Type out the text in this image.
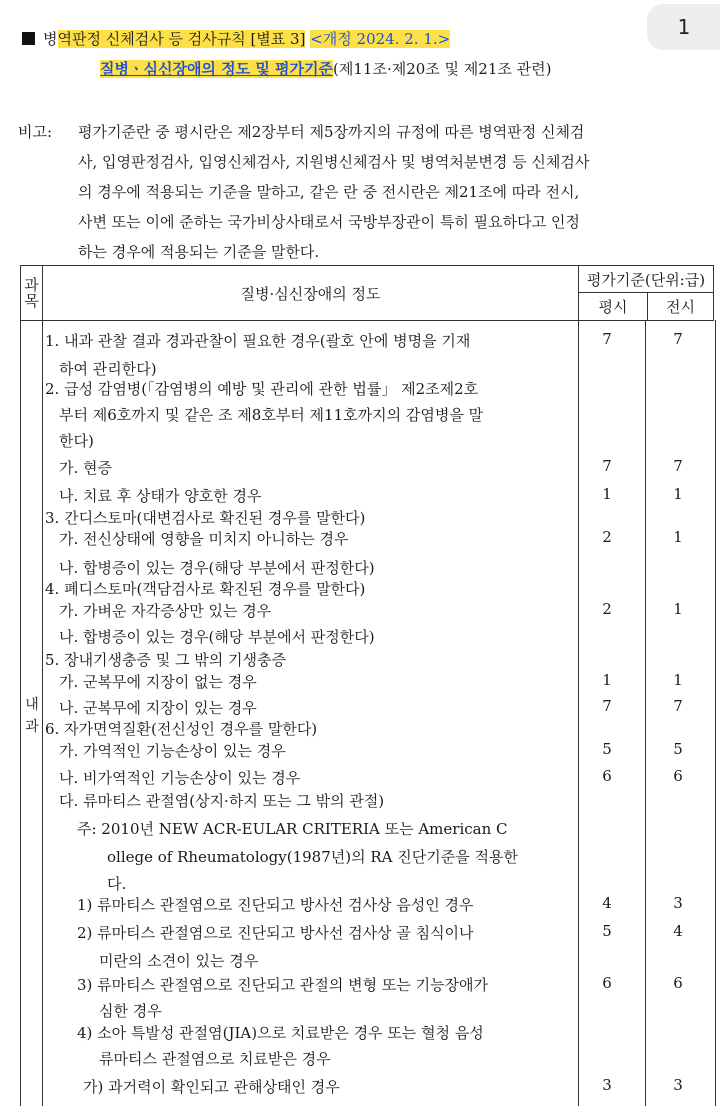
병역판정 신체검사 등 검사규칙 [별표 3] <개정 2024. 2. 1.>
질병ㆍ심신장애의 정도 및 평가기준(제11조·제20조 및 제21조 관련)
1
비고: 평가기준란 중 평시란은 제2장부터 제5장까지의 규정에 따른 병역판정 신체검
사, 입영판정검사, 입영신체검사, 지원병신체검사 및 병역처분변경 등 신체검사
의 경우에 적용되는 기준을 말하고, 같은 란 중 전시란은 제21조에 따라 전시,
사변 또는 이에 준하는 국가비상사태로서 국방부장관이 특히 필요하다고 인정
하는 경우에 적용되는 기준을 말한다.
과
목	질병·심신장애의 정도	평가기준(단위:급)	
		평시	전시
내
과
1. 내과 관찰 결과 경과관찰이 필요한 경우(괄호 안에 병명을 기재	7	7
하여 관리한다)
2. 급성 감염병(「감염병의 예방 및 관리에 관한 법률」 제2조제2호
부터 제6호까지 및 같은 조 제8호부터 제11호까지의 감염병을 말
한다)
가. 현증	7	7
나. 치료 후 상태가 양호한 경우	1	1
3. 간디스토마(대변검사로 확진된 경우를 말한다)
가. 전신상태에 영향을 미치지 아니하는 경우	2	1
나. 합병증이 있는 경우(해당 부분에서 판정한다)
4. 폐디스토마(객담검사로 확진된 경우를 말한다)
가. 가벼운 자각증상만 있는 경우	2	1
나. 합병증이 있는 경우(해당 부분에서 판정한다)
5. 장내기생충증 및 그 밖의 기생충증
가. 군복무에 지장이 없는 경우	1	1
나. 군복무에 지장이 있는 경우	7	7
6. 자가면역질환(전신성인 경우를 말한다)
가. 가역적인 기능손상이 있는 경우	5	5
나. 비가역적인 기능손상이 있는 경우	6	6
다. 류마티스 관절염(상지·하지 또는 그 밖의 관절)
주: 2010년 NEW ACR-EULAR CRITERIA 또는 American C
ollege of Rheumatology(1987년)의 RA 진단기준을 적용한
다.
1) 류마티스 관절염으로 진단되고 방사선 검사상 음성인 경우	4	3
2) 류마티스 관절염으로 진단되고 방사선 검사상 골 침식이나	5	4
미란의 소견이 있는 경우
3) 류마티스 관절염으로 진단되고 관절의 변형 또는 기능장애가	6	6
심한 경우
4) 소아 특발성 관절염(JIA)으로 치료받은 경우 또는 혈청 음성
류마티스 관절염으로 치료받은 경우
가) 과거력이 확인되고 관해상태인 경우	3	3
